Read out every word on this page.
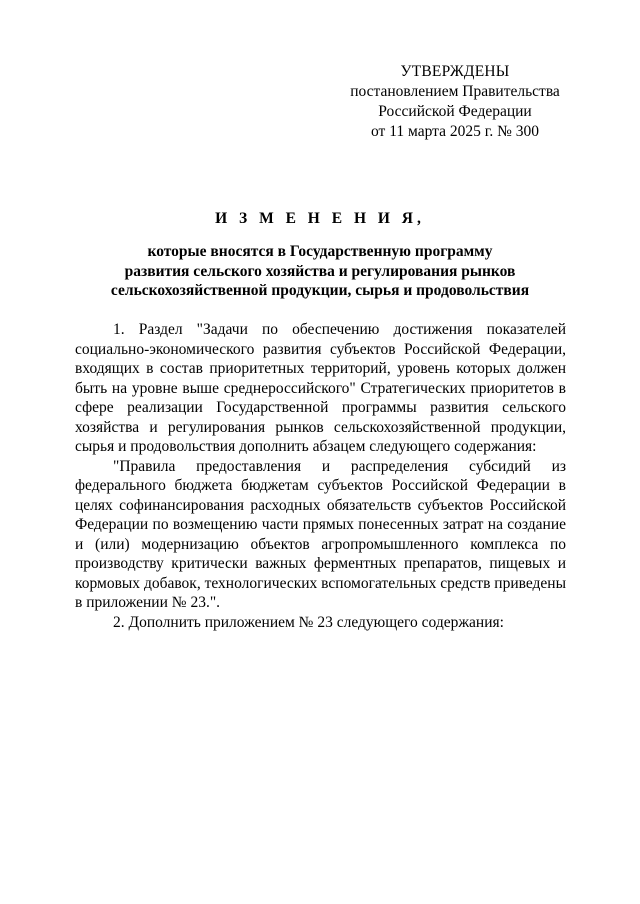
УТВЕРЖДЕНЫ
постановлением Правительства
Российской Федерации
от 11 марта 2025 г. № 300
И З М Е Н Е Н И Я,
которые вносятся в Государственную программу
развития сельского хозяйства и регулирования рынков
сельскохозяйственной продукции, сырья и продовольствия

1. Раздел "Задачи по обеспечению достижения показателей социально-экономического развития субъектов Российской Федерации, входящих в состав приоритетных территорий, уровень которых должен быть на уровне выше среднероссийского" Стратегических приоритетов в сфере реализации Государственной программы развития сельского хозяйства и регулирования рынков сельскохозяйственной продукции, сырья и продовольствия дополнить абзацем следующего содержания:

"Правила предоставления и распределения субсидий из федерального бюджета бюджетам субъектов Российской Федерации в целях софинансирования расходных обязательств субъектов Российской Федерации по возмещению части прямых понесенных затрат на создание и (или) модернизацию объектов агропромышленного комплекса по производству критически важных ферментных препаратов, пищевых и кормовых добавок, технологических вспомогательных средств приведены в приложении № 23.".

2. Дополнить приложением № 23 следующего содержания:
